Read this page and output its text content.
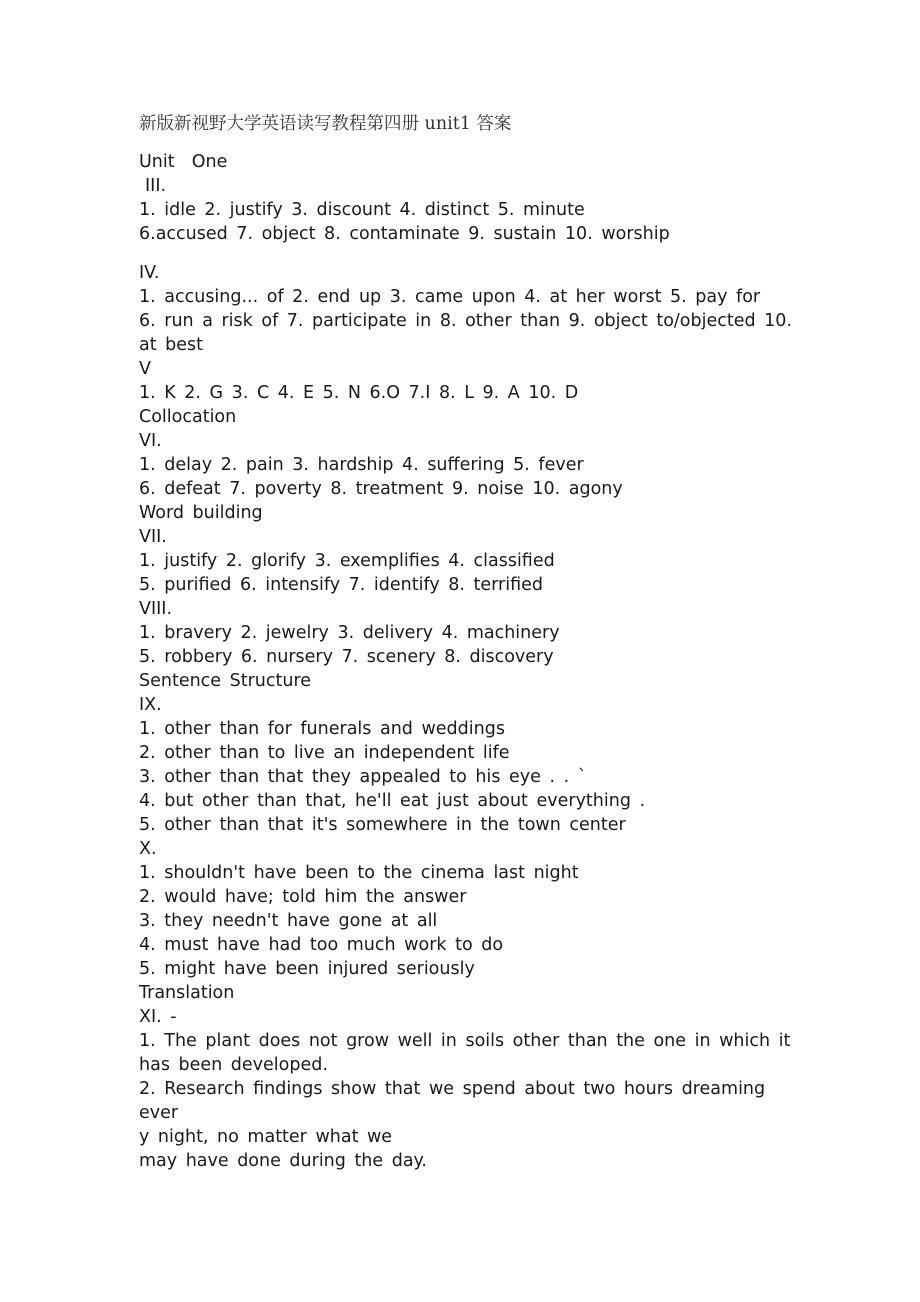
新版新视野大学英语读写教程第四册 unit1 答案

Unit  One

III.

1. idle 2. justify 3. discount 4. distinct 5. minute

6.accused 7. object 8. contaminate 9. sustain 10. worship

IV.

1. accusing... of 2. end up 3. came upon 4. at her worst 5. pay for

6. run a risk of 7. participate in 8. other than 9. object to/objected 10.

at best

V

1. K 2. G 3. C 4. E 5. N 6.O 7.I 8. L 9. A 10. D

Collocation

VI.

1. delay 2. pain 3. hardship 4. suffering 5. fever

6. defeat 7. poverty 8. treatment 9. noise 10. agony

Word building

VII.

1. justify 2. glorify 3. exemplifies 4. classified

5. purified 6. intensify 7. identify 8. terrified

VIII.

1. bravery 2. jewelry 3. delivery 4. machinery

5. robbery 6. nursery 7. scenery 8. discovery

Sentence Structure

IX.

1. other than for funerals and weddings

2. other than to live an independent life

3. other than that they appealed to his eye . . `

4. but other than that, he'll eat just about everything .

5. other than that it's somewhere in the town center

X.

1. shouldn't have been to the cinema last night

2. would have; told him the answer

3. they needn't have gone at all

4. must have had too much work to do

5. might have been injured seriously

Translation

XI. -

1. The plant does not grow well in soils other than the one in which it

has been developed.

2. Research findings show that we spend about two hours dreaming ever

y night, no matter what we

may have done during the day.
